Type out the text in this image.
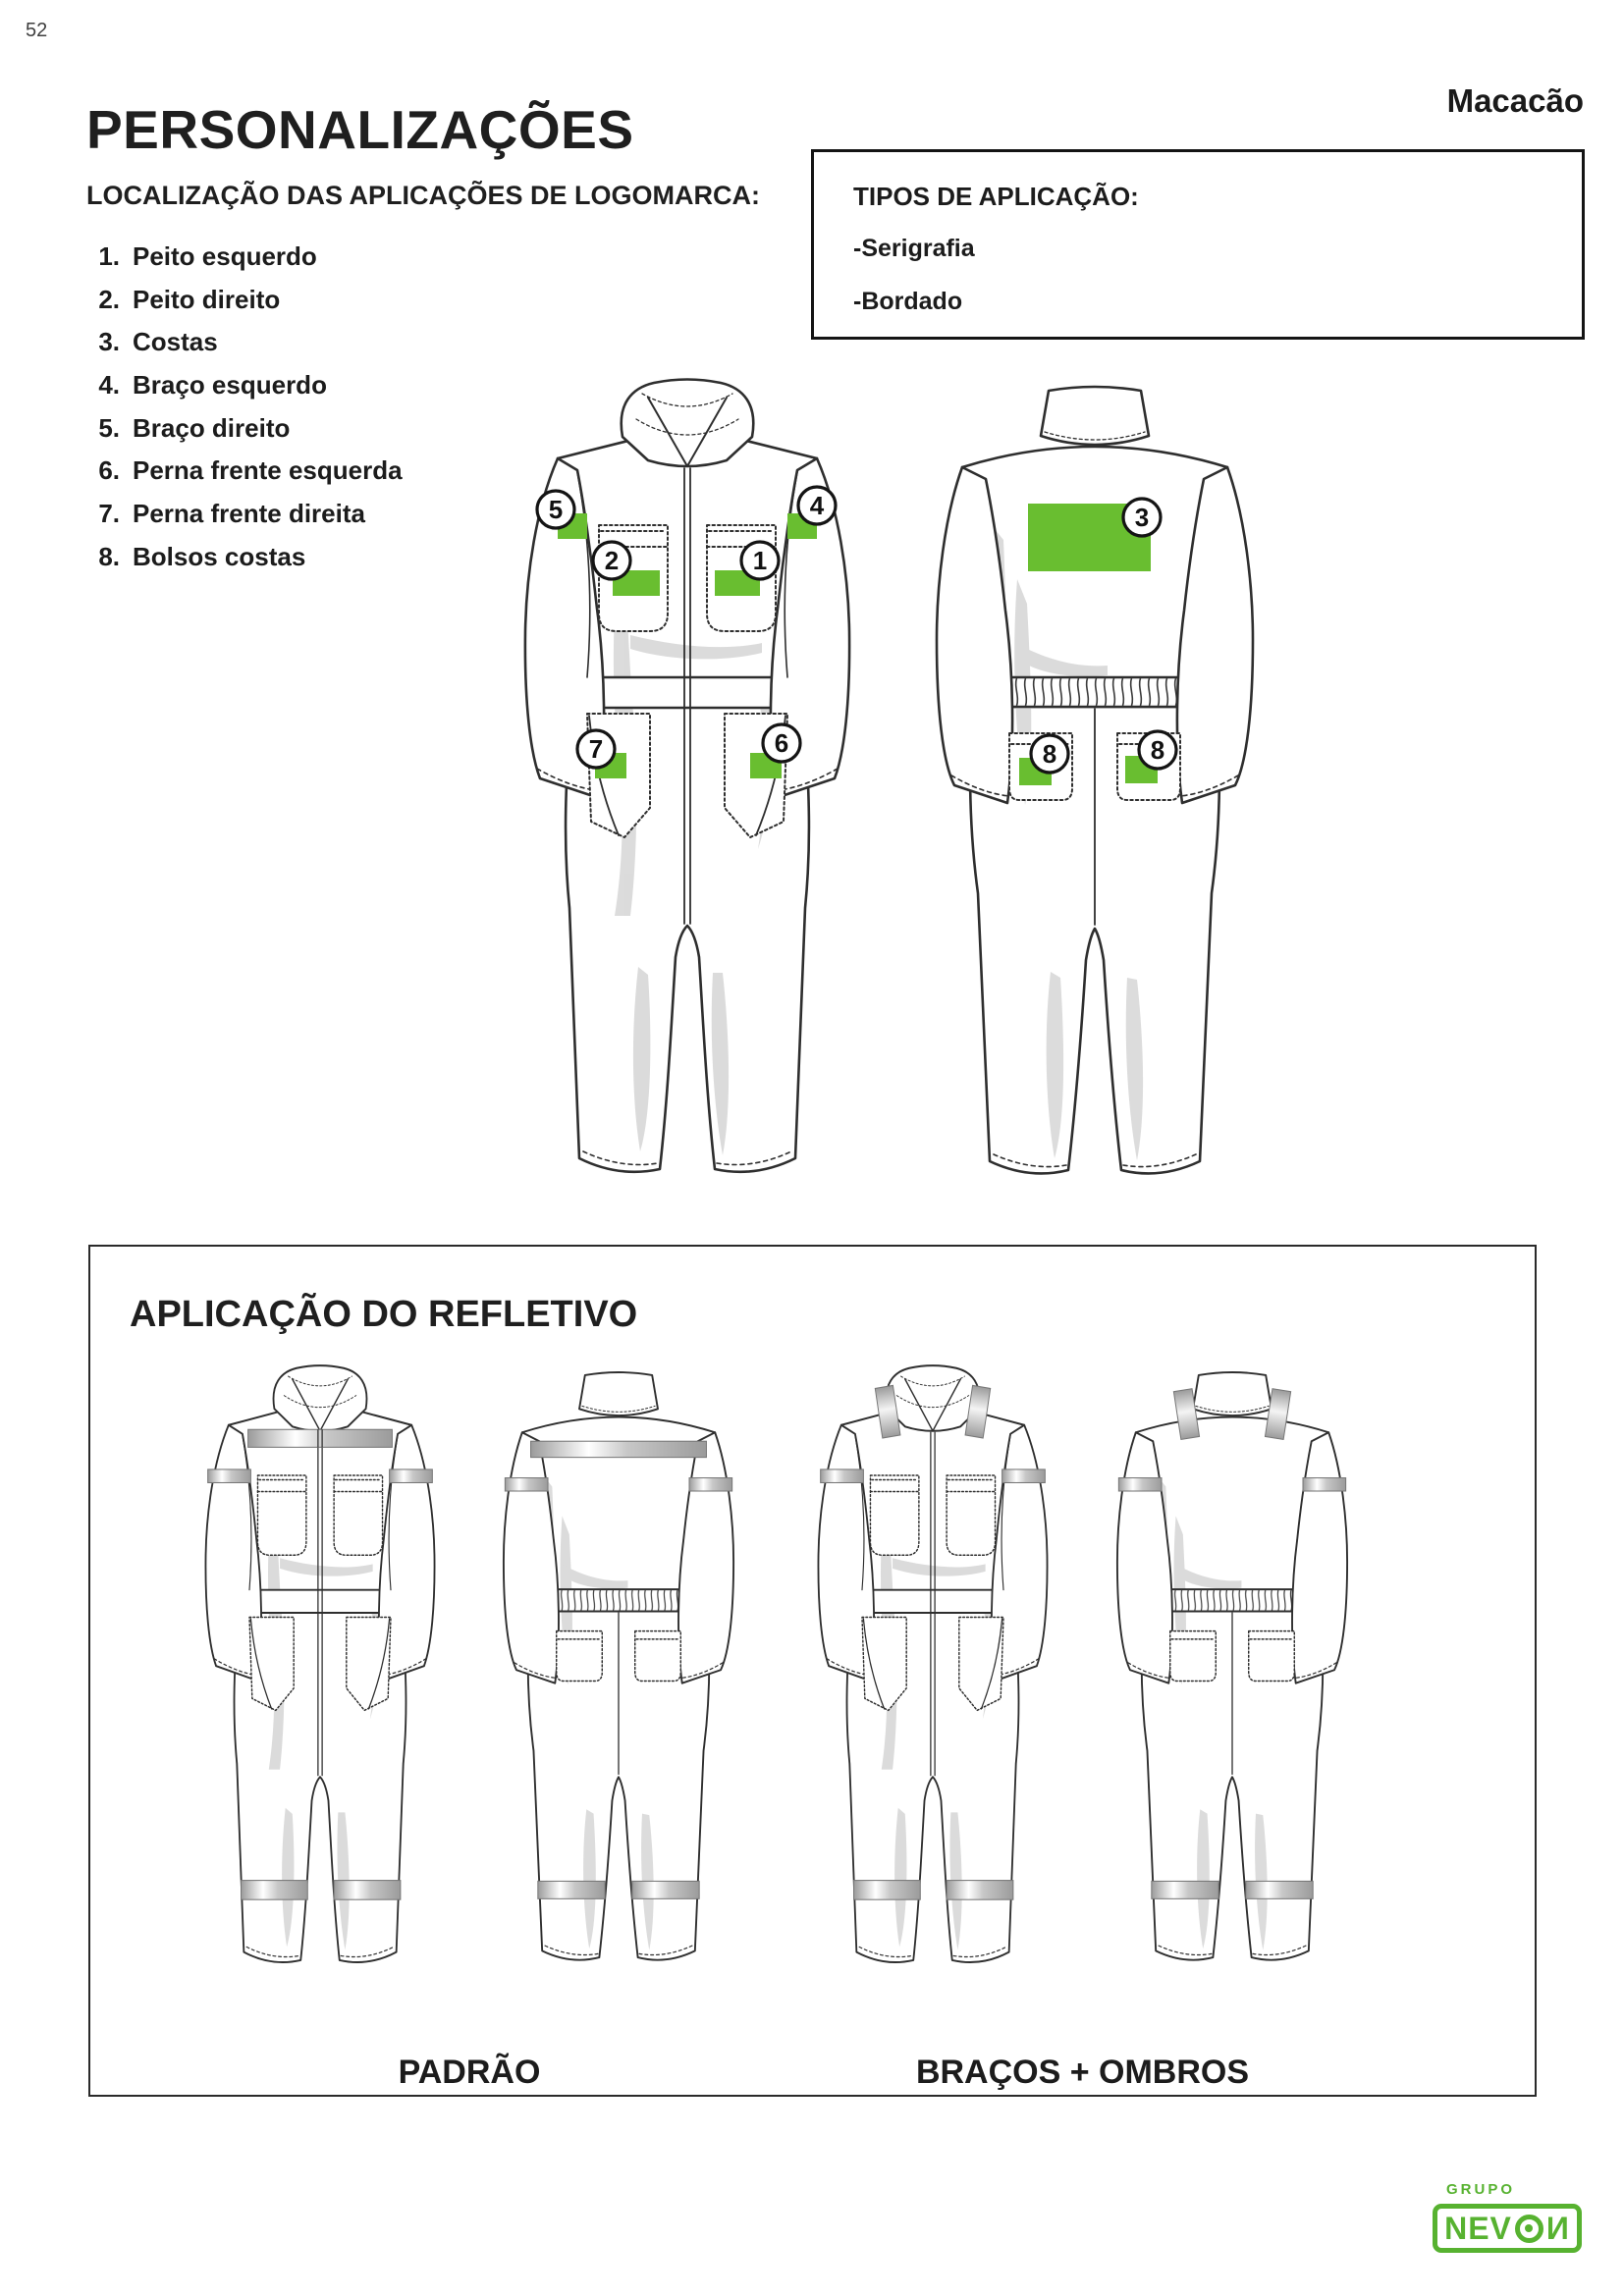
52
Macacão
PERSONALIZAÇÕES
LOCALIZAÇÃO DAS APLICAÇÕES DE LOGOMARCA:
1. Peito esquerdo
2. Peito direito
3. Costas
4. Braço esquerdo
5. Braço direito
6. Perna frente esquerda
7. Perna frente direita
8. Bolsos costas
TIPOS DE APLICAÇÃO:
-Serigrafia
-Bordado
5	4
2	1
7	6
3
8	8
APLICAÇÃO DO REFLETIVO
PADRÃO	BRAÇOS + OMBROS
GRUPO
NEV И
